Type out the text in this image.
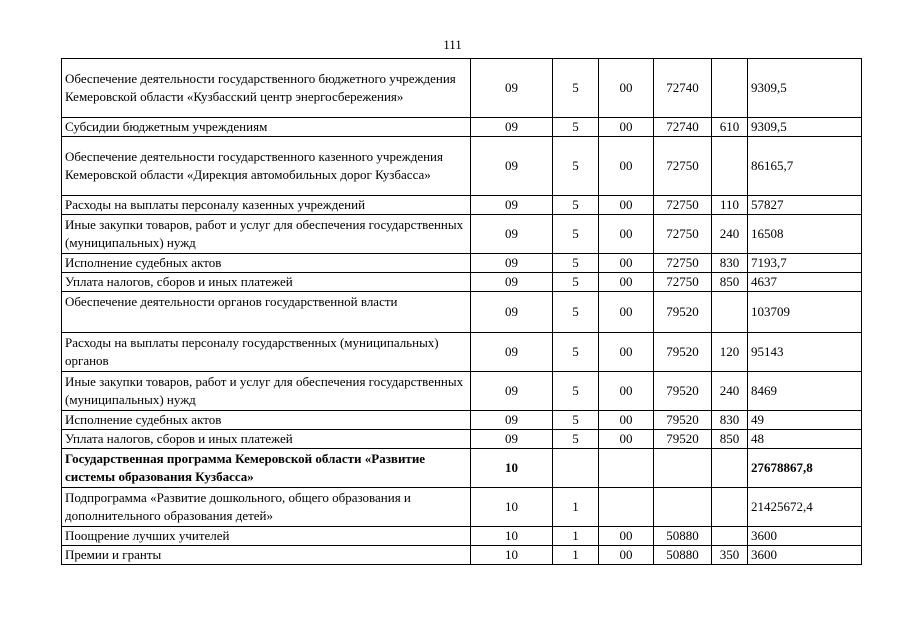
111
Обеспечение деятельности государственного бюджетного учреждения Кемеровской области «Кузбасский центр энергосбережения»	09	5	00	72740		9309,5
Субсидии бюджетным учреждениям	09	5	00	72740	610	9309,5
Обеспечение деятельности государственного казенного учреждения Кемеровской области «Дирекция автомобильных дорог Кузбасса»	09	5	00	72750		86165,7
Расходы на выплаты персоналу казенных учреждений	09	5	00	72750	110	57827
Иные закупки товаров, работ и услуг для обеспечения государственных (муниципальных) нужд	09	5	00	72750	240	16508
Исполнение судебных актов	09	5	00	72750	830	7193,7
Уплата налогов, сборов и иных платежей	09	5	00	72750	850	4637
Обеспечение деятельности органов государственной власти	09	5	00	79520		103709
Расходы на выплаты персоналу государственных (муниципальных) органов	09	5	00	79520	120	95143
Иные закупки товаров, работ и услуг для обеспечения государственных (муниципальных) нужд	09	5	00	79520	240	8469
Исполнение судебных актов	09	5	00	79520	830	49
Уплата налогов, сборов и иных платежей	09	5	00	79520	850	48
Государственная программа Кемеровской области «Развитие системы образования Кузбасса»	10					27678867,8
Подпрограмма «Развитие дошкольного, общего образования и дополнительного образования детей»	10	1				21425672,4
Поощрение лучших учителей	10	1	00	50880		3600
Премии и гранты	10	1	00	50880	350	3600
